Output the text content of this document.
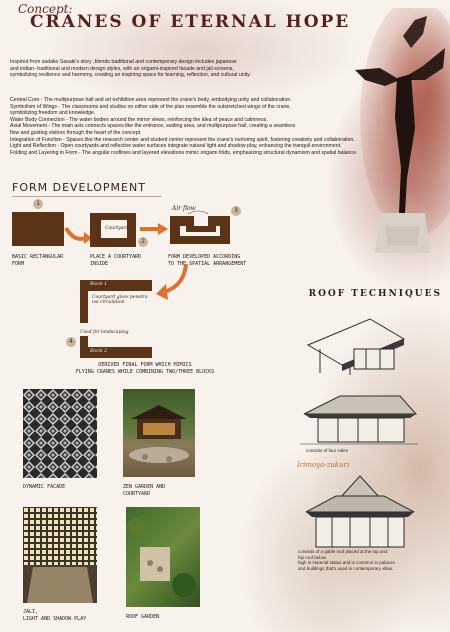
Concept:
CRANES OF ETERNAL HOPE
Inspired from sadako Sasaki's story ,blends traditional and contemporary design includes japanese
and indian- traditional and modern design styles, with an origami-inspired facade and jali screens,
symbolizing resilience and harmony, creating an inspiring space for learning, reflection, and cultural unity.
Central Core - The multipurpose hall and art exhibition area represent the crane's body, embodying unity and collaboration.
Symbolism of Wings - The classrooms and studios on either side of the plan resemble the outstretched wings of the crane,
symbolizing freedom and knowledge.
Water Body Connection - The water bodies around the mirror views, reinforcing the idea of peace and calmness.
Axial Movement - The main axis connects spaces like the entrance, waiting area, and multipurpose hall, creating a seamless
flow and guiding visitors through the heart of the concept.
Integration of Function - Spaces like the research center and student center represent the crane's nurturing spirit, fostering creativity and collaboration.
Light and Reflection - Open courtyards and reflective water surfaces integrate natural light and shadow play, enhancing the tranquil environment.
Folding and Layering in Form - The angular rooflines and layered elevations mimic origami folds, emphasizing structural dynamism and spatial balance.
FORM DEVELOPMENT
1
BASIC RECTANGULAR
FORM
Courtyard
2
PLACE A COURTYARD
INSIDE
Air flow	3
FORM DEVELOPED ACCORDING
TO THE SPATIAL ARRANGEMENT
Block 1
Courtyard gives penetra
ive circulation
Used for landscaping
Block 2
4
DERIVED FINAL FORM WHICH MIMICS
FLYING CRANES WHILE COMBINING TWO/THREE BLOCKS
DYNAMIC FACADE	ZEN GARDEN AND
COURTYARD
JALI,
LIGHT AND SHADOW PLAY	ROOF GARDEN
ROOF TECHNIQUES
consists of four sides
Irimoya-zukuri
consists of a gable roof placed at the top and
hip roof below
high in imperial status and is common in palaces
and buildings that's used in contemporary villas.
